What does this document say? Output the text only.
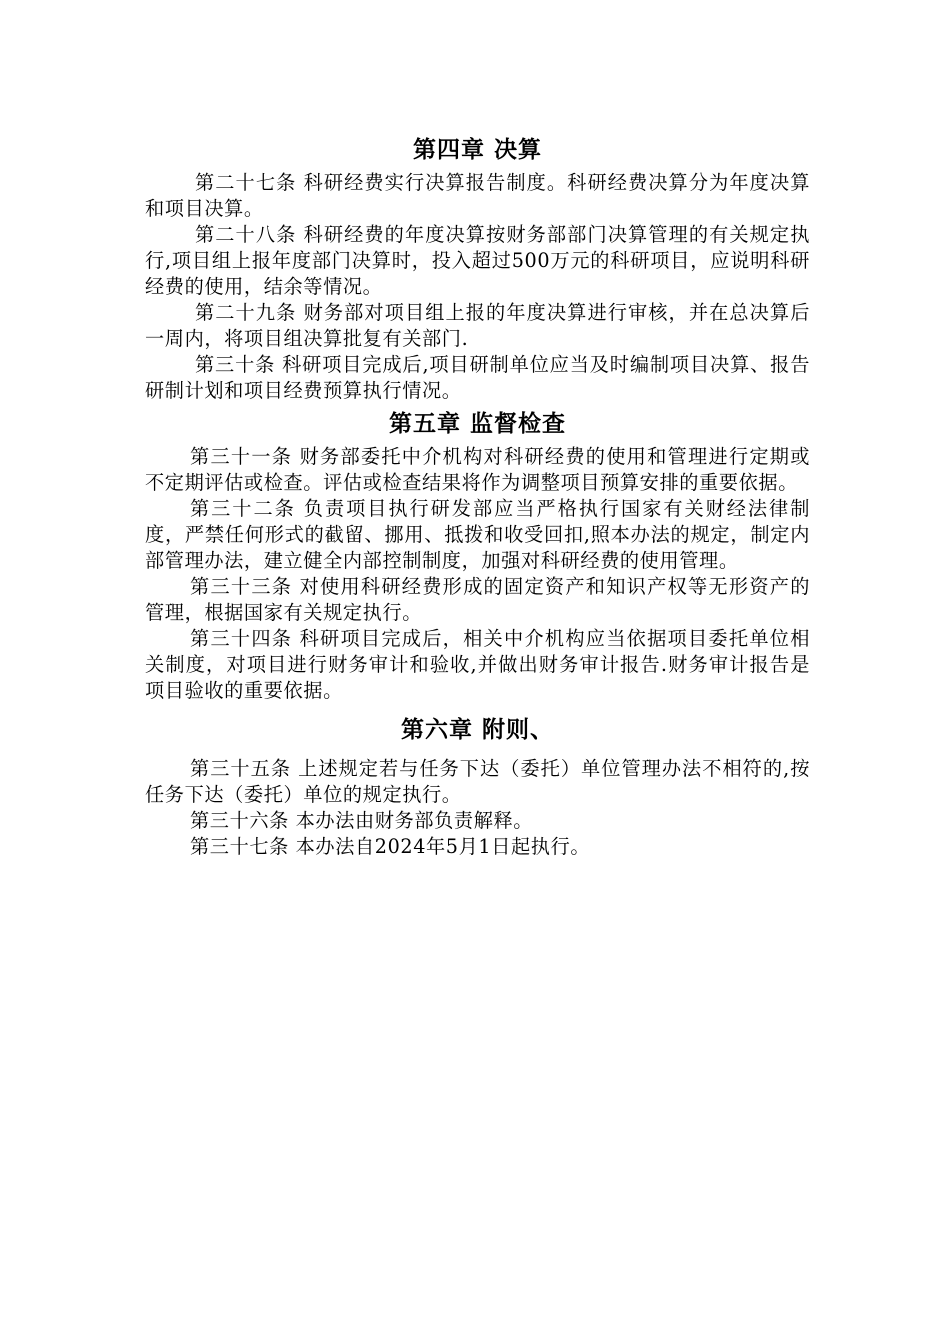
第四章 决算

第二十七条 科研经费实行决算报告制度。科研经费决算分为年度决算和项目决算。

第二十八条 科研经费的年度决算按财务部部门决算管理的有关规定执行,项目组上报年度部门决算时，投入超过500万元的科研项目，应说明科研经费的使用，结余等情况。

第二十九条 财务部对项目组上报的年度决算进行审核，并在总决算后一周内，将项目组决算批复有关部门.

第三十条 科研项目完成后,项目研制单位应当及时编制项目决算、报告研制计划和项目经费预算执行情况。

第五章 监督检查

第三十一条 财务部委托中介机构对科研经费的使用和管理进行定期或不定期评估或检查。评估或检查结果将作为调整项目预算安排的重要依据。

第三十二条 负责项目执行研发部应当严格执行国家有关财经法律制度，严禁任何形式的截留、挪用、抵拨和收受回扣,照本办法的规定，制定内部管理办法，建立健全内部控制制度，加强对科研经费的使用管理。

第三十三条 对使用科研经费形成的固定资产和知识产权等无形资产的管理，根据国家有关规定执行。

第三十四条 科研项目完成后，相关中介机构应当依据项目委托单位相关制度，对项目进行财务审计和验收,并做出财务审计报告.财务审计报告是项目验收的重要依据。

第六章 附则、

第三十五条 上述规定若与任务下达（委托）单位管理办法不相符的,按任务下达（委托）单位的规定执行。

第三十六条 本办法由财务部负责解释。

第三十七条 本办法自2024年5月1日起执行。
